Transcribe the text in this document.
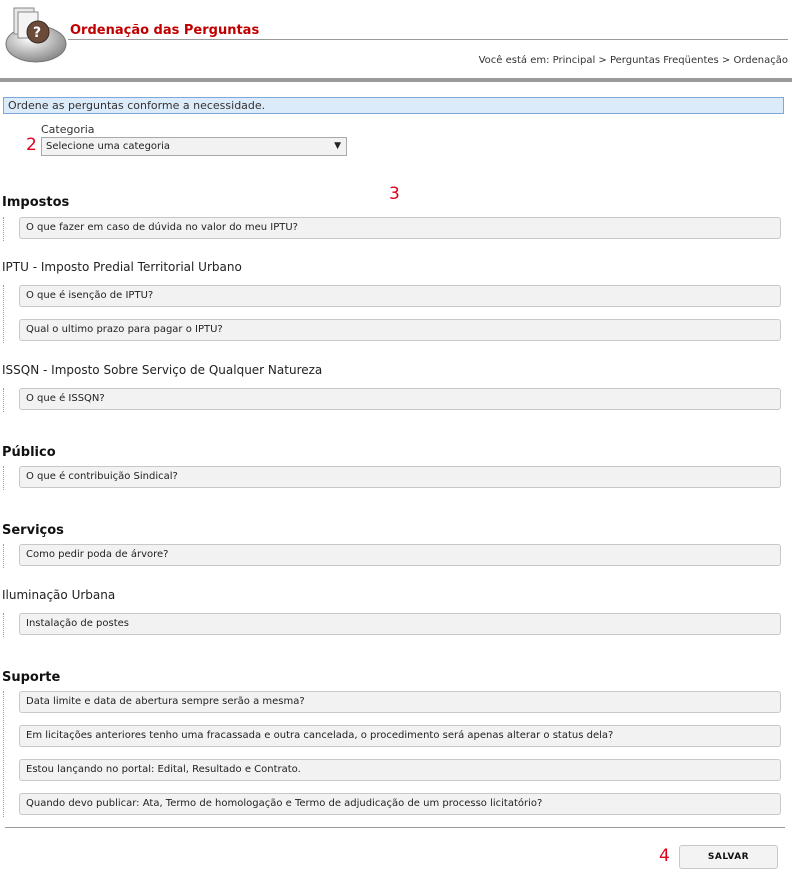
? Ordenação das Perguntas
Você está em: Principal > Perguntas Freqüentes > Ordenação
Ordene as perguntas conforme a necessidade.
Categoria
2 Selecione uma categoria	▼
3
Impostos
O que fazer em caso de dúvida no valor do meu IPTU?
IPTU - Imposto Predial Territorial Urbano
O que é isenção de IPTU?
Qual o ultimo prazo para pagar o IPTU?
ISSQN - Imposto Sobre Serviço de Qualquer Natureza
O que é ISSQN?
Público
O que é contribuição Sindical?
Serviços
Como pedir poda de árvore?
Iluminação Urbana
Instalação de postes
Suporte
Data limite e data de abertura sempre serão a mesma?
Em licitações anteriores tenho uma fracassada e outra cancelada, o procedimento será apenas alterar o status dela?
Estou lançando no portal: Edital, Resultado e Contrato.
Quando devo publicar: Ata, Termo de homologação e Termo de adjudicação de um processo licitatório?
4	SALVAR
